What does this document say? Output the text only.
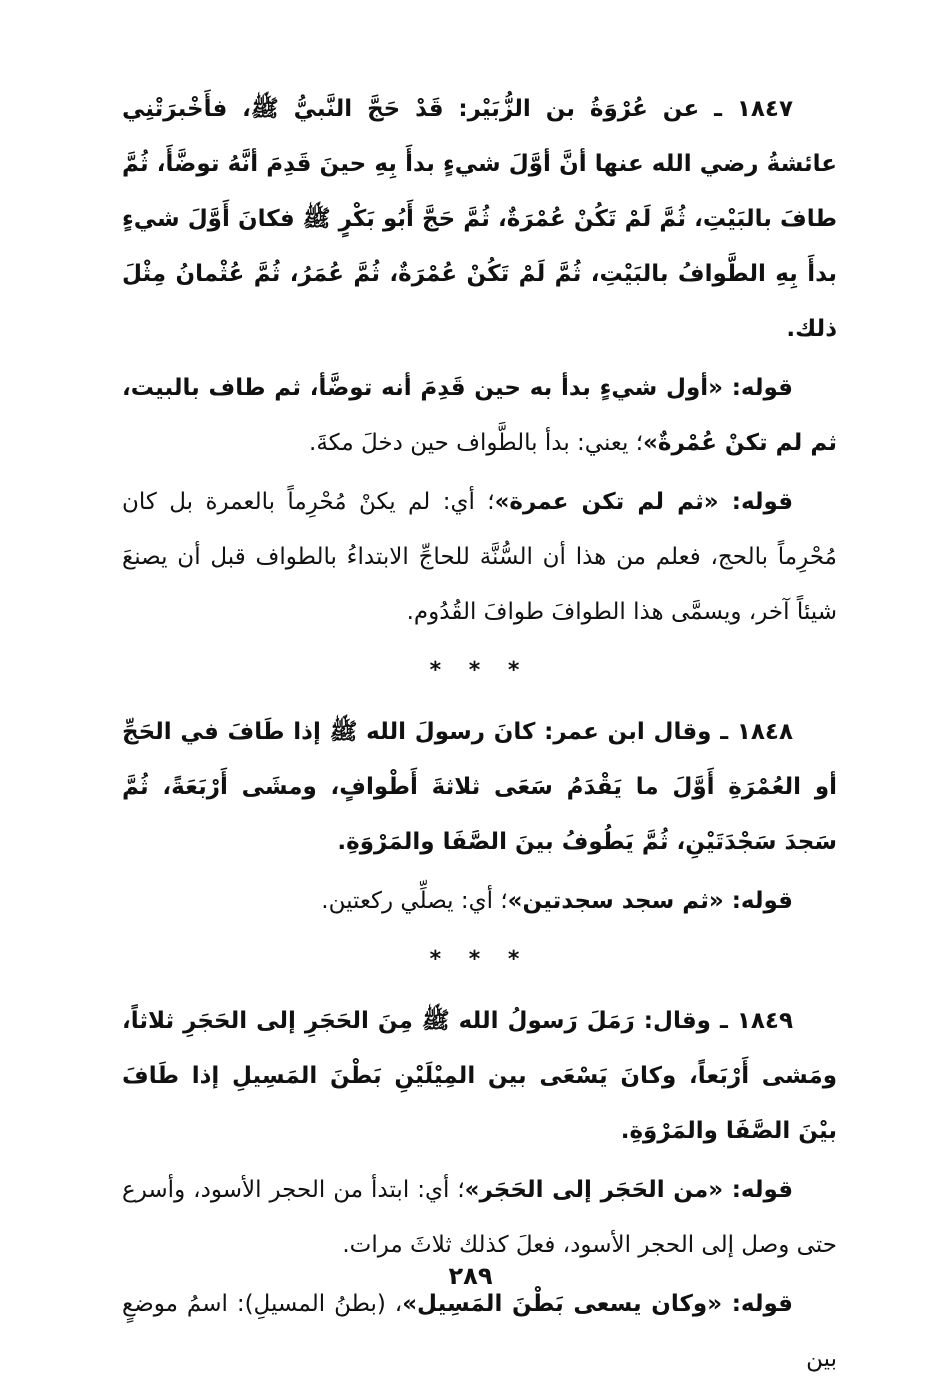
١٨٤٧ ـ عن عُرْوَةُ بن الزُّبَيْر: قَدْ حَجَّ النَّبيُّ ﷺ، فأَخْبرَتْنِي عائشةُ رضي الله عنها أنَّ أوَّلَ شيءٍ بدأَ بِهِ حينَ قَدِمَ أنَّهُ توضَّأَ، ثُمَّ طافَ بالبَيْتِ، ثُمَّ لَمْ تَكُنْ عُمْرَةٌ، ثُمَّ حَجَّ أَبُو بَكْرٍ ﷺ فكانَ أَوَّلَ شيءٍ بدأَ بِهِ الطَّوافُ بالبَيْتِ، ثُمَّ لَمْ تَكُنْ عُمْرَةٌ، ثُمَّ عُمَرُ، ثُمَّ عُثْمانُ مِثْلَ ذلك.

قوله: «أول شيءٍ بدأ به حين قَدِمَ أنه توضَّأ، ثم طاف بالبيت، ثم لم تكنْ عُمْرةٌ»؛ يعني: بدأ بالطَّواف حين دخلَ مكةَ.

قوله: «ثم لم تكن عمرة»؛ أي: لم يكنْ مُحْرِماً بالعمرة بل كان مُحْرِماً بالحج، فعلم من هذا أن السُّنَّة للحاجِّ الابتداءُ بالطواف قبل أن يصنعَ شيئاً آخر، ويسمَّى هذا الطوافَ طوافَ القُدُوم.

* * *

١٨٤٨ ـ وقال ابن عمر: كانَ رسولَ الله ﷺ إذا طَافَ في الحَجِّ أو العُمْرَةِ أَوَّلَ ما يَقْدَمُ سَعَى ثلاثةَ أَطْوافٍ، ومشَى أَرْبَعَةً، ثُمَّ سَجدَ سَجْدَتَيْنِ، ثُمَّ يَطُوفُ بينَ الصَّفَا والمَرْوَةِ.

قوله: «ثم سجد سجدتين»؛ أي: يصلِّي ركعتين.

* * *

١٨٤٩ ـ وقال: رَمَلَ رَسولُ الله ﷺ مِنَ الحَجَرِ إلى الحَجَرِ ثلاثاً، ومَشى أَرْبَعاً، وكانَ يَسْعَى بين المِيْلَيْنِ بَطْنَ المَسِيلِ إذا طَافَ بيْنَ الصَّفَا والمَرْوَةِ.

قوله: «من الحَجَر إلى الحَجَر»؛ أي: ابتدأ من الحجر الأسود، وأسرع حتى وصل إلى الحجر الأسود، فعلَ كذلك ثلاثَ مرات.

قوله: «وكان يسعى بَطْنَ المَسِيل»، (بطنُ المسيلِ): اسمُ موضعٍ بين

٢٨٩
